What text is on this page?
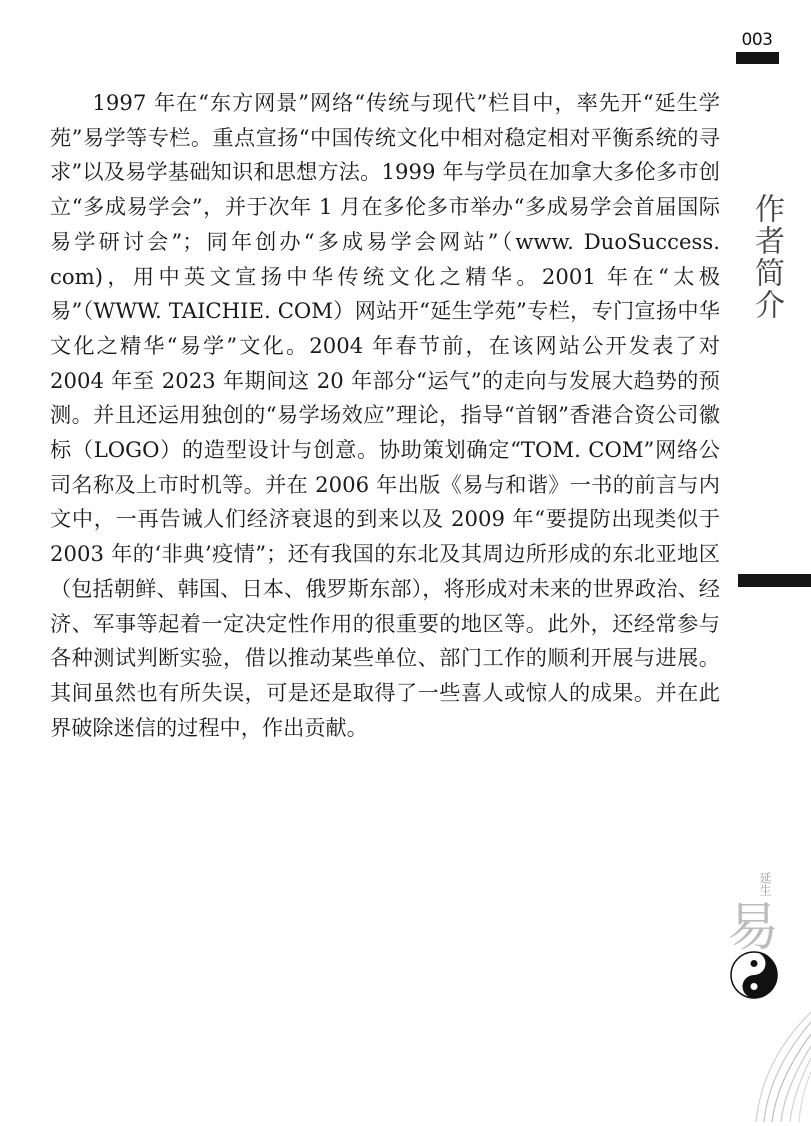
003
作者简介

1997 年在“东方网景”网络“传统与现代”栏目中，率先开“延生学苑”易学等专栏。重点宣扬“中国传统文化中相对稳定相对平衡系统的寻求”以及易学基础知识和思想方法。1999 年与学员在加拿大多伦多市创立“多成易学会”，并于次年 1 月在多伦多市举办“多成易学会首届国际易学研讨会”；同年创办“多成易学会网站”（www. DuoSuccess. com)，用中英文宣扬中华传统文化之精华。2001 年在“太极易”（WWW. TAICHIE. COM）网站开“延生学苑”专栏，专门宣扬中华文化之精华“易学”文化。2004 年春节前，在该网站公开发表了对 2004 年至 2023 年期间这 20 年部分“运气”的走向与发展大趋势的预测。并且还运用独创的“易学场效应”理论，指导“首钢”香港合资公司徽标（LOGO）的造型设计与创意。协助策划确定“TOM. COM”网络公司名称及上市时机等。并在 2006 年出版《易与和谐》一书的前言与内文中，一再告诫人们经济衰退的到来以及 2009 年“要提防出现类似于 2003 年的‘非典’疫情”；还有我国的东北及其周边所形成的东北亚地区（包括朝鲜、韩国、日本、俄罗斯东部），将形成对未来的世界政治、经济、军事等起着一定决定性作用的很重要的地区等。此外，还经常参与各种测试判断实验，借以推动某些单位、部门工作的顺利开展与进展。其间虽然也有所失误，可是还是取得了一些喜人或惊人的成果。并在此界破除迷信的过程中，作出贡献。

延生
易
